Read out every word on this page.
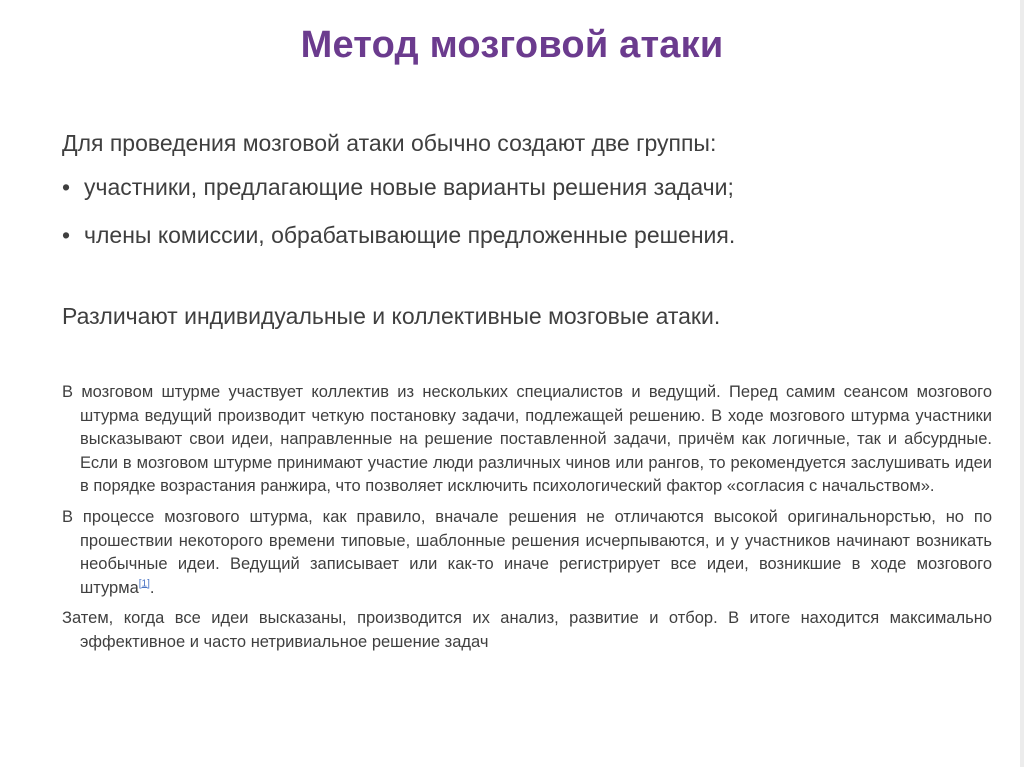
Метод мозговой атаки
Для проведения мозговой атаки обычно создают две группы:
• участники, предлагающие новые варианты решения задачи;
• члены комиссии, обрабатывающие предложенные решения.
Различают индивидуальные и коллективные мозговые атаки.

В мозговом штурме участвует коллектив из нескольких специалистов и ведущий. Перед самим сеансом мозгового штурма ведущий производит четкую постановку задачи, подлежащей решению. В ходе мозгового штурма участники высказывают свои идеи, направленные на решение поставленной задачи, причём как логичные, так и абсурдные. Если в мозговом штурме принимают участие люди различных чинов или рангов, то рекомендуется заслушивать идеи в порядке возрастания ранжира, что позволяет исключить психологический фактор «согласия с начальством».

В процессе мозгового штурма, как правило, вначале решения не отличаются высокой оригинальнорстью, но по прошествии некоторого времени типовые, шаблонные решения исчерпываются, и у участников начинают возникать необычные идеи. Ведущий записывает или как-то иначе регистрирует все идеи, возникшие в ходе мозгового штурма[1].

Затем, когда все идеи высказаны, производится их анализ, развитие и отбор. В итоге находится максимально эффективное и часто нетривиальное решение задач
